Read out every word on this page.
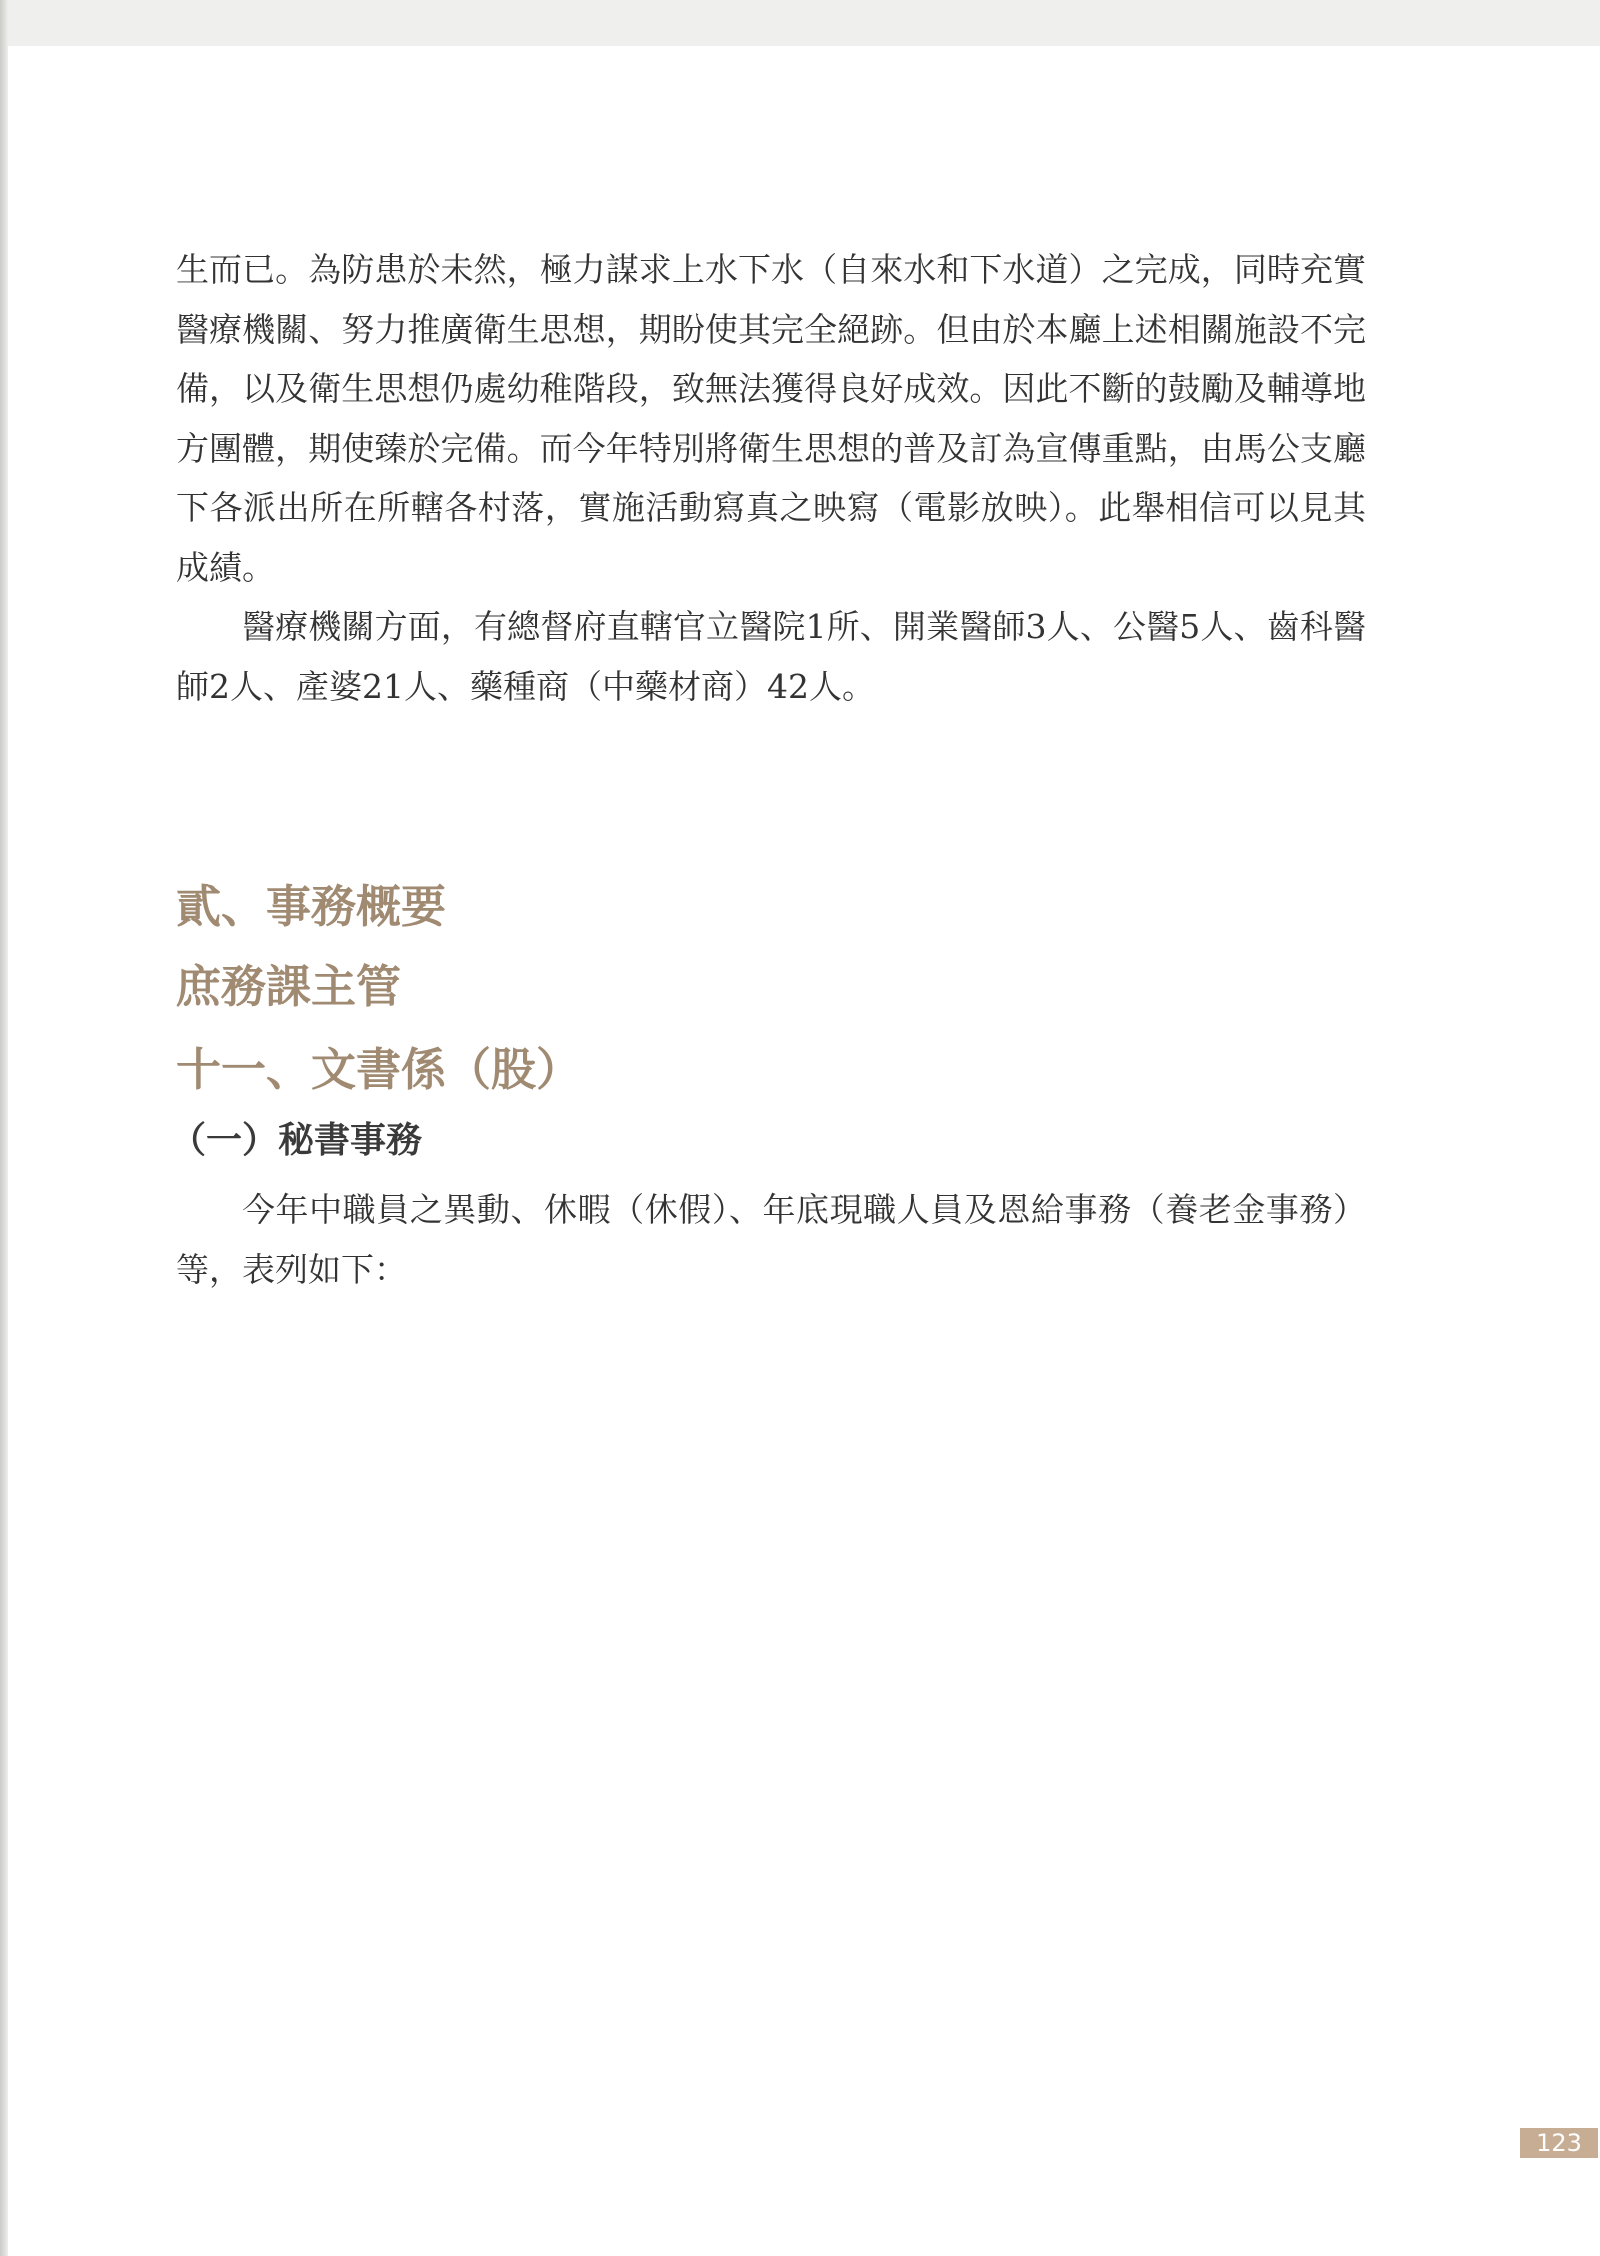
生而已。為防患於未然，極力謀求上水下水（自來水和下水道）之完成，同時充實醫療機關、努力推廣衛生思想，期盼使其完全絕跡。但由於本廳上述相關施設不完備，以及衛生思想仍處幼稚階段，致無法獲得良好成效。因此不斷的鼓勵及輔導地方團體，期使臻於完備。而今年特別將衛生思想的普及訂為宣傳重點，由馬公支廳下各派出所在所轄各村落，實施活動寫真之映寫（電影放映）。此舉相信可以見其成績。

醫療機關方面，有總督府直轄官立醫院1所、開業醫師3人、公醫5人、齒科醫師2人、產婆21人、藥種商（中藥材商）42人。

貳、事務概要
庶務課主管
十一、文書係（股）
（一）秘書事務

今年中職員之異動、休暇（休假）、年底現職人員及恩給事務（養老金事務）等，表列如下：

123
